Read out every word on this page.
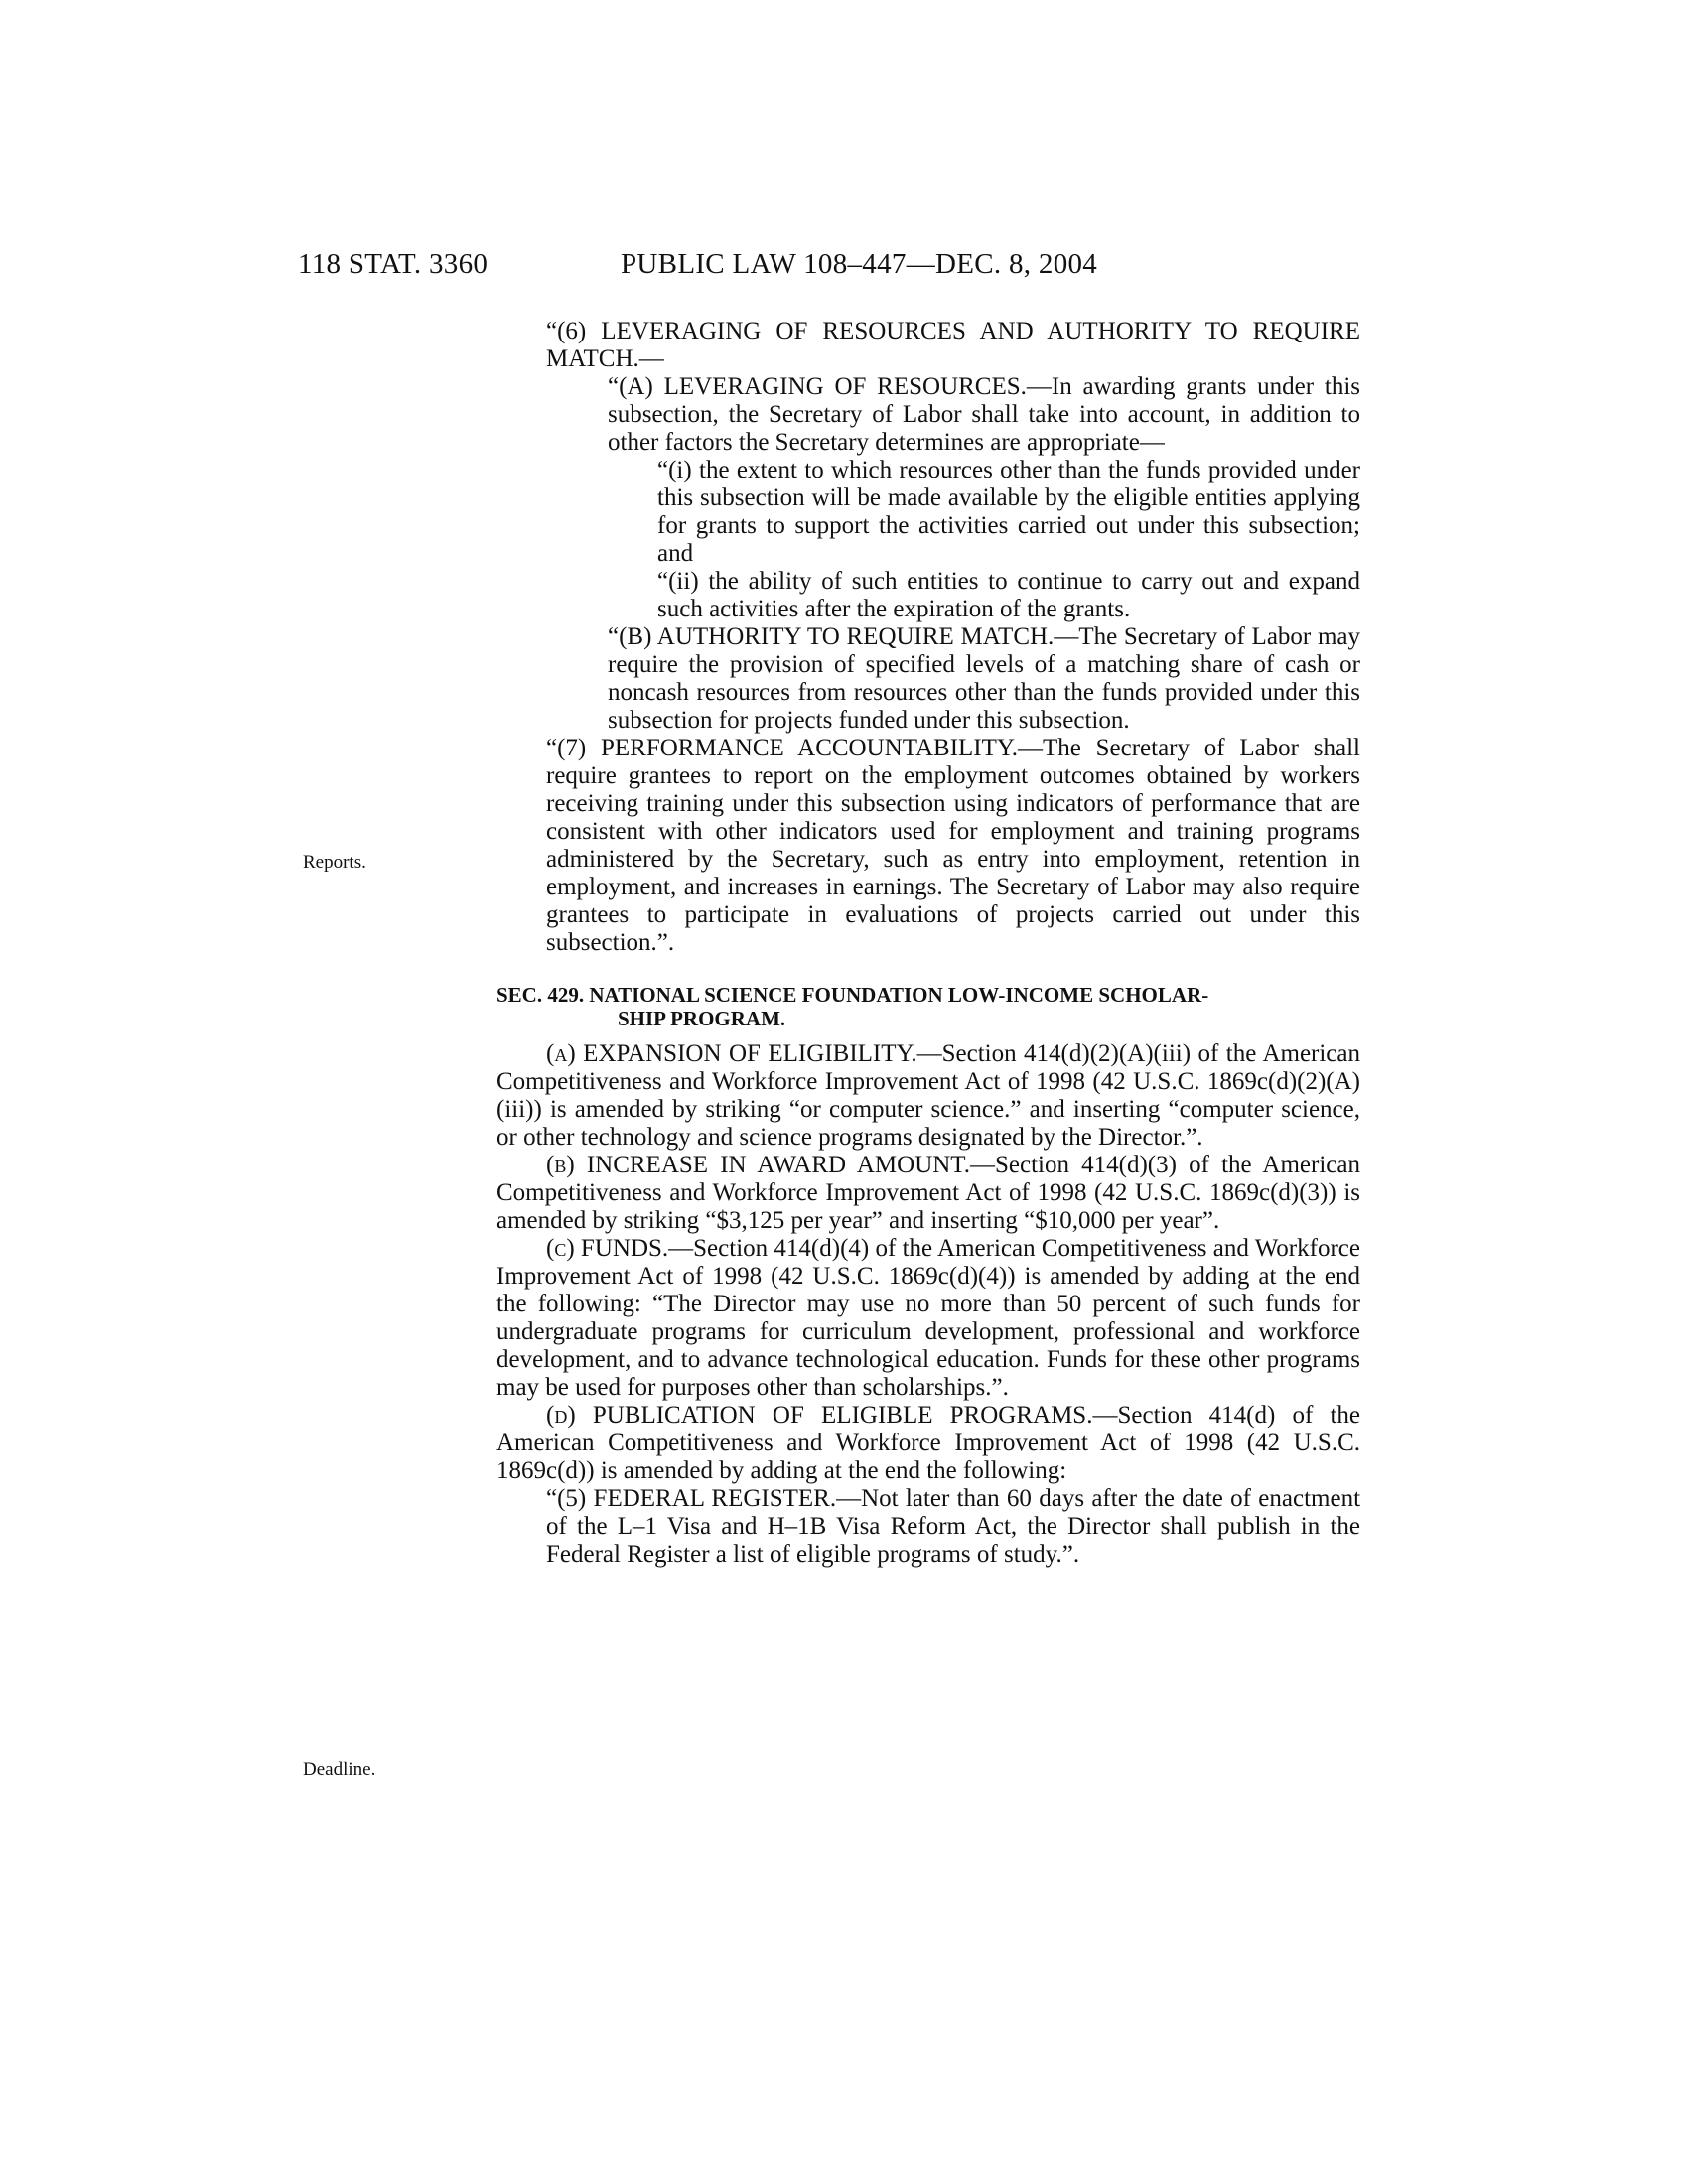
118 STAT. 3360	PUBLIC LAW 108–447—DEC. 8, 2004
Reports.
Deadline.

“(6) LEVERAGING OF RESOURCES AND AUTHORITY TO REQUIRE MATCH.—

“(A) LEVERAGING OF RESOURCES.—In awarding grants under this subsection, the Secretary of Labor shall take into account, in addition to other factors the Secretary determines are appropriate—

“(i) the extent to which resources other than the funds provided under this subsection will be made available by the eligible entities applying for grants to support the activities carried out under this subsection; and

“(ii) the ability of such entities to continue to carry out and expand such activities after the expiration of the grants.

“(B) AUTHORITY TO REQUIRE MATCH.—The Secretary of Labor may require the provision of specified levels of a matching share of cash or noncash resources from resources other than the funds provided under this subsection for projects funded under this subsection.

“(7) PERFORMANCE ACCOUNTABILITY.—The Secretary of Labor shall require grantees to report on the employment outcomes obtained by workers receiving training under this subsection using indicators of performance that are consistent with other indicators used for employment and training programs administered by the Secretary, such as entry into employment, retention in employment, and increases in earnings. The Secretary of Labor may also require grantees to participate in evaluations of projects carried out under this subsection.”.

SEC. 429. NATIONAL SCIENCE FOUNDATION LOW-INCOME SCHOLAR-
SHIP PROGRAM.

(a) EXPANSION OF ELIGIBILITY.—Section 414(d)(2)(A)(iii) of the American Competitiveness and Workforce Improvement Act of 1998 (42 U.S.C. 1869c(d)(2)(A)(iii)) is amended by striking “or computer science.” and inserting “computer science, or other technology and science programs designated by the Director.”.

(b) INCREASE IN AWARD AMOUNT.—Section 414(d)(3) of the American Competitiveness and Workforce Improvement Act of 1998 (42 U.S.C. 1869c(d)(3)) is amended by striking “$3,125 per year” and inserting “$10,000 per year”.

(c) FUNDS.—Section 414(d)(4) of the American Competitiveness and Workforce Improvement Act of 1998 (42 U.S.C. 1869c(d)(4)) is amended by adding at the end the following: “The Director may use no more than 50 percent of such funds for undergraduate programs for curriculum development, professional and workforce development, and to advance technological education. Funds for these other programs may be used for purposes other than scholarships.”.

(d) PUBLICATION OF ELIGIBLE PROGRAMS.—Section 414(d) of the American Competitiveness and Workforce Improvement Act of 1998 (42 U.S.C. 1869c(d)) is amended by adding at the end the following:

“(5) FEDERAL REGISTER.—Not later than 60 days after the date of enactment of the L–1 Visa and H–1B Visa Reform Act, the Director shall publish in the Federal Register a list of eligible programs of study.”.
